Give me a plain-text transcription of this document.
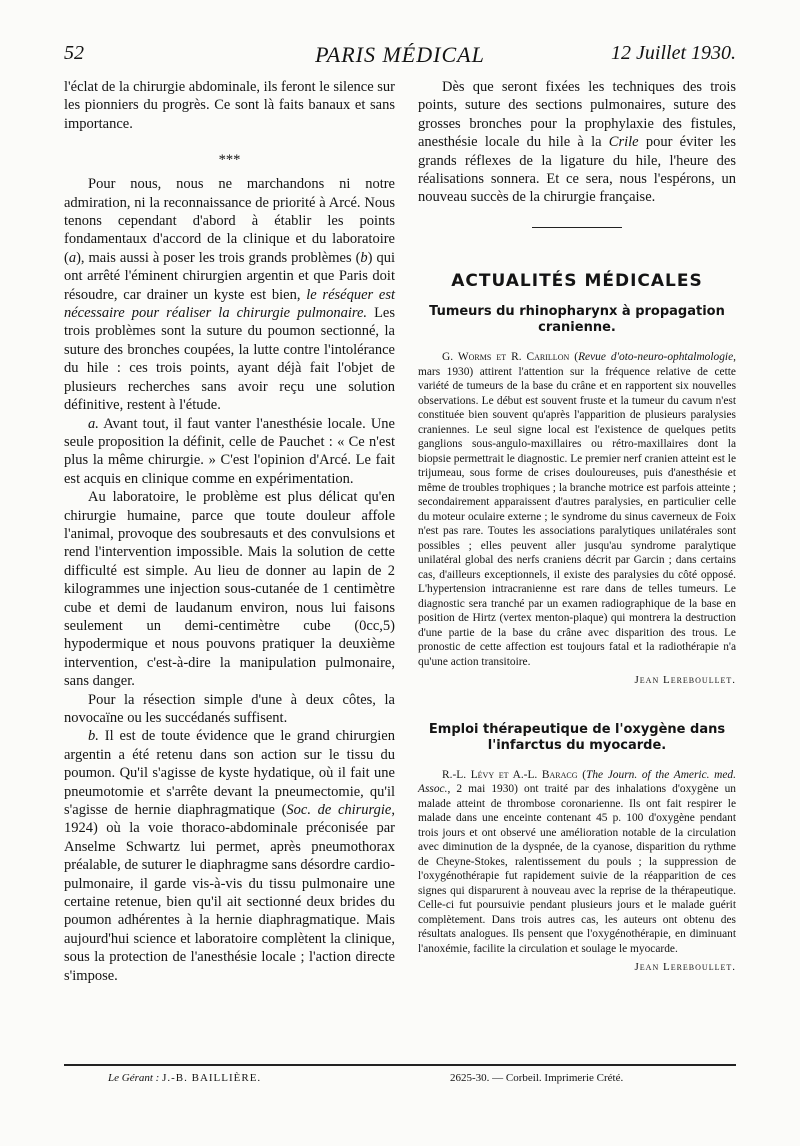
52	PARIS MÉDICAL	12 Juillet 1930.

l'éclat de la chirurgie abdominale, ils feront le silence sur les pionniers du progrès. Ce sont là faits banaux et sans importance.

***

Pour nous, nous ne marchandons ni notre admiration, ni la reconnaissance de priorité à Arcé. Nous tenons cependant d'abord à établir les points fondamentaux d'accord de la clinique et du laboratoire (a), mais aussi à poser les trois grands problèmes (b) qui ont arrêté l'éminent chirurgien argentin et que Paris doit résoudre, car drainer un kyste est bien, le réséquer est nécessaire pour réaliser la chirurgie pulmonaire. Les trois problèmes sont la suture du poumon sectionné, la suture des bronches coupées, la lutte contre l'intolérance du hile : ces trois points, ayant déjà fait l'objet de plusieurs recherches sans avoir reçu une solution définitive, restent à l'étude.

a. Avant tout, il faut vanter l'anesthésie locale. Une seule proposition la définit, celle de Pauchet : « Ce n'est plus la même chirurgie. » C'est l'opinion d'Arcé. Le fait est acquis en clinique comme en expérimentation.

Au laboratoire, le problème est plus délicat qu'en chirurgie humaine, parce que toute douleur affole l'animal, provoque des soubresauts et des convulsions et rend l'intervention impossible. Mais la solution de cette difficulté est simple. Au lieu de donner au lapin de 2 kilogrammes une injection sous-cutanée de 1 centimètre cube et demi de laudanum environ, nous lui faisons seulement un demi-centimètre cube (0cc,5) hypodermique et nous pouvons pratiquer la deuxième intervention, c'est-à-dire la manipulation pulmonaire, sans danger.

Pour la résection simple d'une à deux côtes, la novocaïne ou les succédanés suffisent.

b. Il est de toute évidence que le grand chirurgien argentin a été retenu dans son action sur le tissu du poumon. Qu'il s'agisse de kyste hydatique, où il fait une pneumotomie et s'arrête devant la pneumectomie, qu'il s'agisse de hernie diaphragmatique (Soc. de chirurgie, 1924) où la voie thoraco-abdominale préconisée par Anselme Schwartz lui permet, après pneumothorax préalable, de suturer le diaphragme sans désordre cardio-pulmonaire, il garde vis-à-vis du tissu pulmonaire une certaine retenue, bien qu'il ait sectionné deux brides du poumon adhérentes à la hernie diaphragmatique. Mais aujourd'hui science et laboratoire complètent la clinique, sous la protection de l'anesthésie locale ; l'action directe s'impose.

Dès que seront fixées les techniques des trois points, suture des sections pulmonaires, suture des grosses bronches pour la prophylaxie des fistules, anesthésie locale du hile à la Crile pour éviter les grands réflexes de la ligature du hile, l'heure des réalisations sonnera. Et ce sera, nous l'espérons, un nouveau succès de la chirurgie française.

ACTUALITÉS MÉDICALES
Tumeurs du rhinopharynx à propagation cranienne.

G. Worms et R. Carillon (Revue d'oto-neuro-ophtalmologie, mars 1930) attirent l'attention sur la fréquence relative de cette variété de tumeurs de la base du crâne et en rapportent six nouvelles observations. Le début est souvent fruste et la tumeur du cavum n'est constituée bien souvent qu'après l'apparition de plusieurs paralysies craniennes. Le seul signe local est l'existence de quelques petits ganglions sous-angulo-maxillaires ou rétro-maxillaires dont la biopsie permettrait le diagnostic. Le premier nerf cranien atteint est le trijumeau, sous forme de crises douloureuses, puis d'anesthésie et même de troubles trophiques ; la branche motrice est parfois atteinte ; secondairement apparaissent d'autres paralysies, en particulier celle du moteur oculaire externe ; le syndrome du sinus caverneux de Foix n'est pas rare. Toutes les associations paralytiques unilatérales sont possibles ; elles peuvent aller jusqu'au syndrome paralytique unilatéral global des nerfs craniens décrit par Garcin ; dans certains cas, d'ailleurs exceptionnels, il existe des paralysies du côté opposé. L'hypertension intracranienne est rare dans de telles tumeurs. Le diagnostic sera tranché par un examen radiographique de la base en position de Hirtz (vertex menton-plaque) qui montrera la destruction d'une partie de la base du crâne avec disparition des trous. Le pronostic de cette affection est toujours fatal et la radiothérapie n'a qu'une action transitoire.

Jean Lereboullet.
Emploi thérapeutique de l'oxygène dans l'infarctus du myocarde.

R.-L. Lévy et A.-L. Baracg (The Journ. of the Americ. med. Assoc., 2 mai 1930) ont traité par des inhalations d'oxygène un malade atteint de thrombose coronarienne. Ils ont fait respirer le malade dans une enceinte contenant 45 p. 100 d'oxygène pendant trois jours et ont observé une amélioration notable de la circulation avec diminution de la dyspnée, de la cyanose, disparition du rythme de Cheyne-Stokes, ralentissement du pouls ; la suppression de l'oxygénothérapie fut rapidement suivie de la réapparition de ces signes qui disparurent à nouveau avec la reprise de la thérapeutique. Celle-ci fut poursuivie pendant plusieurs jours et le malade guérit complètement. Dans trois autres cas, les auteurs ont obtenu des résultats analogues. Ils pensent que l'oxygénothérapie, en diminuant l'anoxémie, facilite la circulation et soulage le myocarde.

Jean Lereboullet.
Le Gérant : J.-B. BAILLIÈRE.	2625-30. — Corbeil. Imprimerie Crété.
